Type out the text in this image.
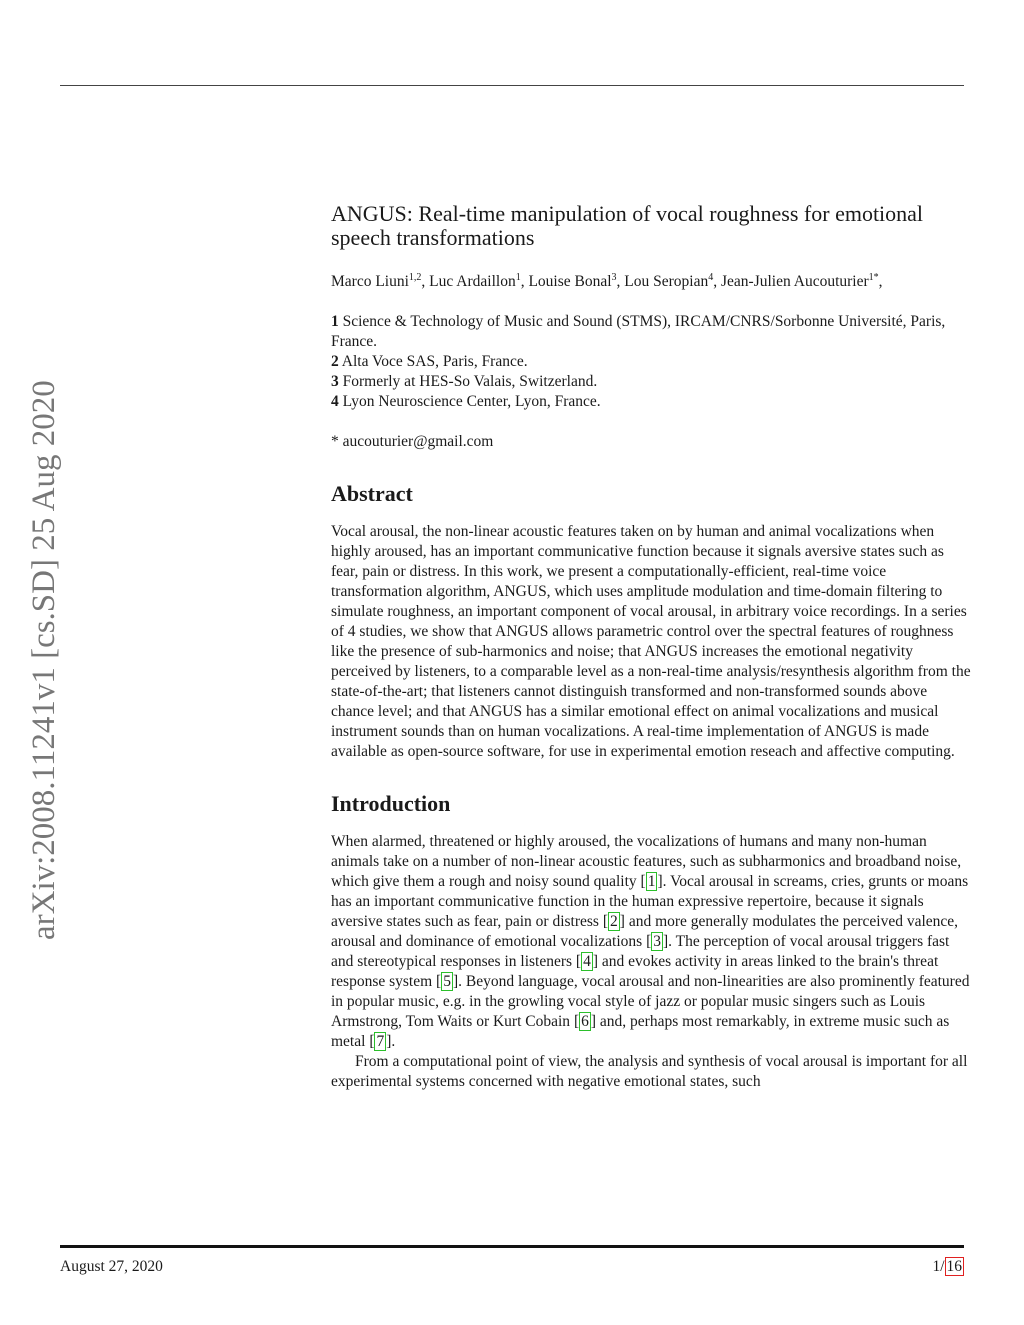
arXiv:2008.11241v1 [cs.SD] 25 Aug 2020
ANGUS: Real-time manipulation of vocal roughness for emotional speech transformations
Marco Liuni$^{1,2}$, Luc Ardaillon$^1$, Louise Bonal$^3$, Lou Seropian$^4$, Jean-Julien Aucouturier$^{1*}$,
1 Science & Technology of Music and Sound (STMS), IRCAM/CNRS/Sorbonne Université, Paris, France.
2 Alta Voce SAS, Paris, France.
3 Formerly at HES-So Valais, Switzerland.
4 Lyon Neuroscience Center, Lyon, France.
* aucouturier@gmail.com
Abstract

Vocal arousal, the non-linear acoustic features taken on by human and animal vocalizations when highly aroused, has an important communicative function because it signals aversive states such as fear, pain or distress. In this work, we present a computationally-efficient, real-time voice transformation algorithm, ANGUS, which uses amplitude modulation and time-domain filtering to simulate roughness, an important component of vocal arousal, in arbitrary voice recordings. In a series of 4 studies, we show that ANGUS allows parametric control over the spectral features of roughness like the presence of sub-harmonics and noise; that ANGUS increases the emotional negativity perceived by listeners, to a comparable level as a non-real-time analysis/resynthesis algorithm from the state-of-the-art; that listeners cannot distinguish transformed and non-transformed sounds above chance level; and that ANGUS has a similar emotional effect on animal vocalizations and musical instrument sounds than on human vocalizations. A real-time implementation of ANGUS is made available as open-source software, for use in experimental emotion reseach and affective computing.

Introduction

When alarmed, threatened or highly aroused, the vocalizations of humans and many non-human animals take on a number of non-linear acoustic features, such as subharmonics and broadband noise, which give them a rough and noisy sound quality [ 1 ]. Vocal arousal in screams, cries, grunts or moans has an important communicative function in the human expressive repertoire, because it signals aversive states such as fear, pain or distress [ 2 ] and more generally modulates the perceived valence, arousal and dominance of emotional vocalizations [ 3 ]. The perception of vocal arousal triggers fast and stereotypical responses in listeners [ 4 ] and evokes activity in areas linked to the brain's threat response system [ 5 ]. Beyond language, vocal arousal and non-linearities are also prominently featured in popular music, e.g. in the growling vocal style of jazz or popular music singers such as Louis Armstrong, Tom Waits or Kurt Cobain [ 6 ] and, perhaps most remarkably, in extreme music such as metal [ 7 ].

From a computational point of view, the analysis and synthesis of vocal arousal is important for all experimental systems concerned with negative emotional states, such

August 27, 2020	1/ 16
